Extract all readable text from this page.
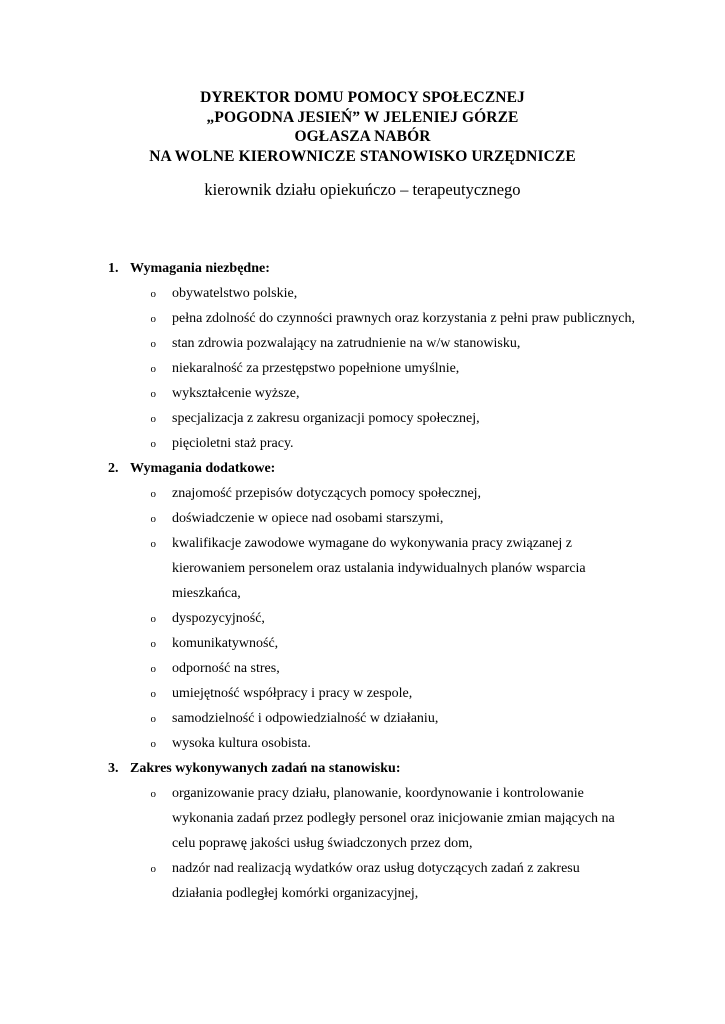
DYREKTOR DOMU POMOCY SPOŁECZNEJ
„POGODNA JESIEŃ” W JELENIEJ GÓRZE
OGŁASZA NABÓR
NA WOLNE KIEROWNICZE STANOWISKO URZĘDNICZE
kierownik działu opiekuńczo – terapeutycznego
1. Wymagania niezbędne:
o	obywatelstwo polskie,
o	pełna zdolność do czynności prawnych oraz korzystania z pełni praw publicznych,
o	stan zdrowia pozwalający na zatrudnienie na w/w stanowisku,
o	niekaralność za przestępstwo popełnione umyślnie,
o	wykształcenie wyższe,
o	specjalizacja z zakresu organizacji pomocy społecznej,
o	pięcioletni staż pracy.
2. Wymagania dodatkowe:
o	znajomość przepisów dotyczących pomocy społecznej,
o	doświadczenie w opiece nad osobami starszymi,
o	kwalifikacje zawodowe wymagane do wykonywania pracy związanej z kierowaniem personelem oraz ustalania indywidualnych planów wsparcia mieszkańca,
o	dyspozycyjność,
o	komunikatywność,
o	odporność na stres,
o	umiejętność współpracy i pracy w zespole,
o	samodzielność i odpowiedzialność w działaniu,
o	wysoka kultura osobista.
3. Zakres wykonywanych zadań na stanowisku:
o	organizowanie pracy działu, planowanie, koordynowanie i kontrolowanie wykonania zadań przez podległy personel oraz inicjowanie zmian mających na celu poprawę jakości usług świadczonych przez dom,
o	nadzór nad realizacją wydatków oraz usług dotyczących zadań z zakresu działania podległej komórki organizacyjnej,
